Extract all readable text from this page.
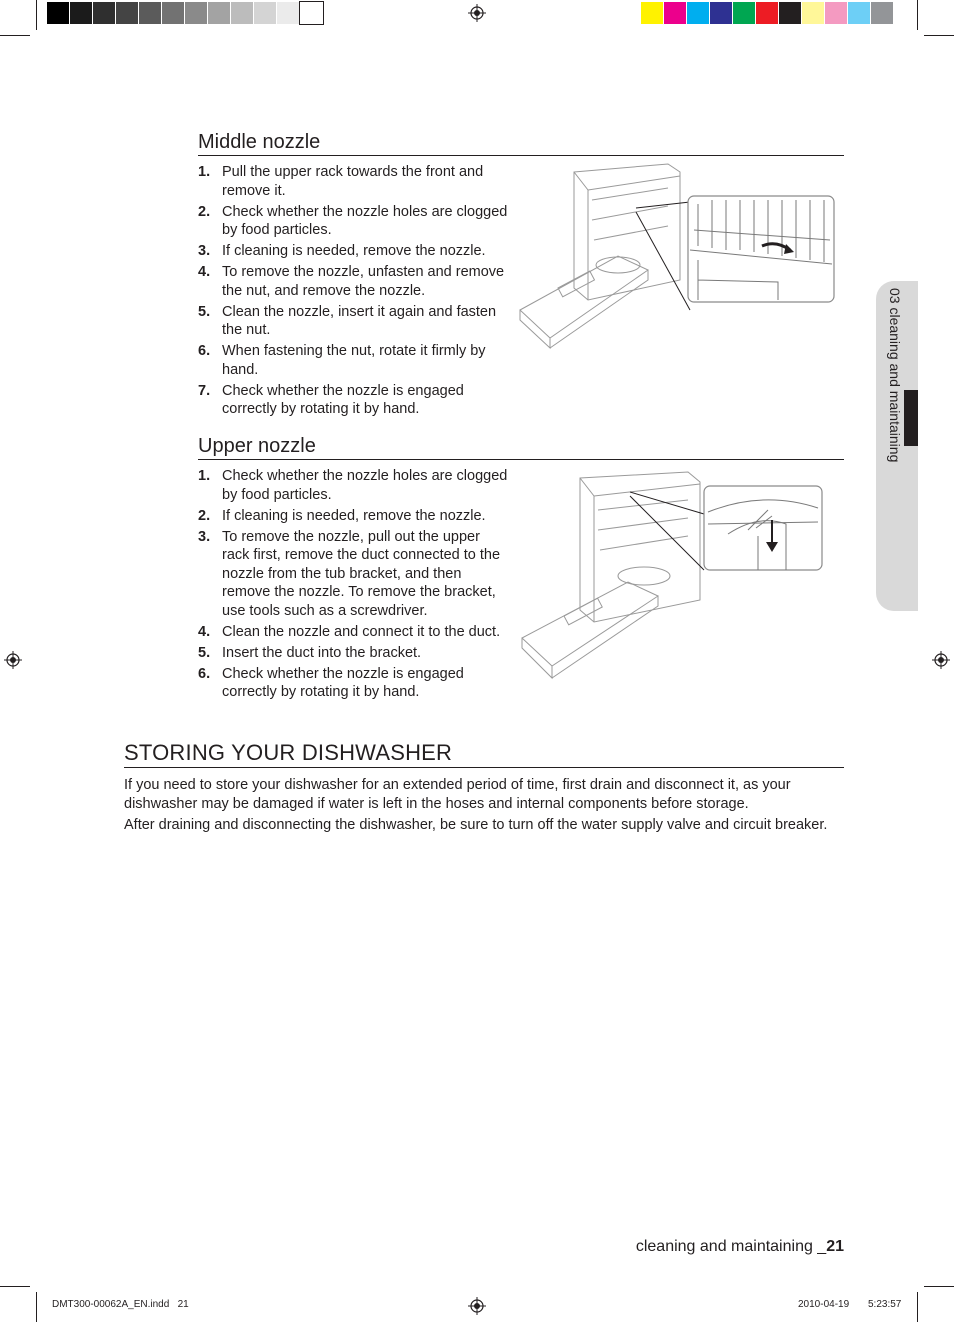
Middle nozzle
1. Pull the upper rack towards the front and remove it.
2. Check whether the nozzle holes are clogged by food particles.
3. If cleaning is needed, remove the nozzle.
4. To remove the nozzle, unfasten and remove the nut, and remove the nozzle.
5. Clean the nozzle, insert it again and fasten the nut.
6. When fastening the nut, rotate it firmly by hand.
7. Check whether the nozzle is engaged correctly by rotating it by hand.
Upper nozzle
1. Check whether the nozzle holes are clogged by food particles.
2. If cleaning is needed, remove the nozzle.
3. To remove the nozzle, pull out the upper rack first, remove the duct connected to the nozzle from the tub bracket, and then remove the nozzle. To remove the bracket, use tools such as a screwdriver.
4. Clean the nozzle and connect it to the duct.
5. Insert the duct into the bracket.
6. Check whether the nozzle is engaged correctly by rotating it by hand.
STORING YOUR DISHWASHER

If you need to store your dishwasher for an extended period of time, first drain and disconnect it, as your dishwasher may be damaged if water is left in the hoses and internal components before storage.

After draining and disconnecting the dishwasher, be sure to turn off the water supply valve and circuit breaker.

03 cleaning and maintaining
cleaning and maintaining _21
DMT300-00062A_EN.indd   21	2010-04-19 5:23:57
